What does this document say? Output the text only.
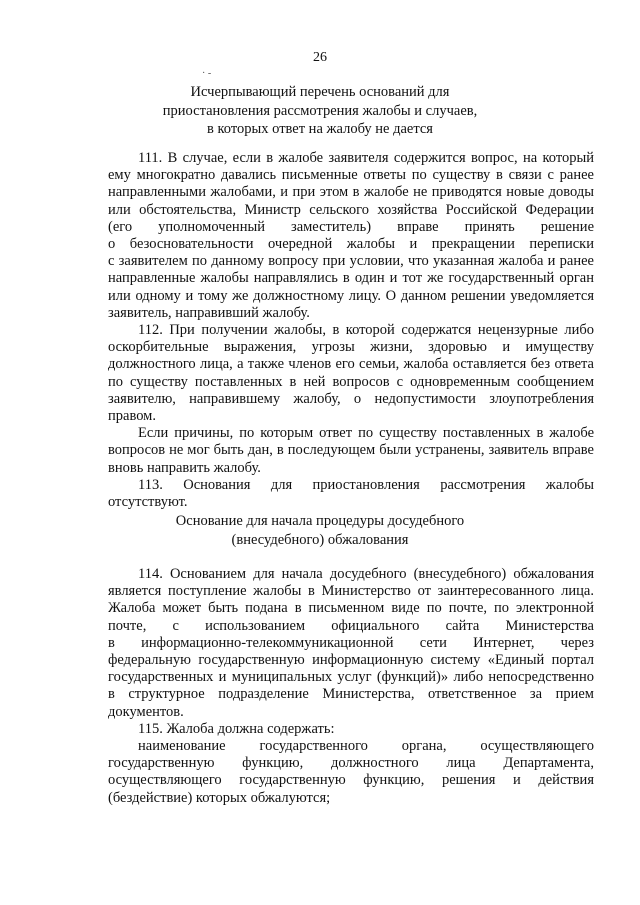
26
· -
Исчерпывающий перечень оснований для
приостановления рассмотрения жалобы и случаев,
в которых ответ на жалобу не дается
111. В случае, если в жалобе заявителя содержится вопрос, на который
ему многократно давались письменные ответы по существу в связи с ранее
направленными жалобами, и при этом в жалобе не приводятся новые доводы
или обстоятельства, Министр сельского хозяйства Российской Федерации
(его уполномоченный заместитель) вправе принять решение
о безосновательности очередной жалобы и прекращении переписки
с заявителем по данному вопросу при условии, что указанная жалоба и ранее
направленные жалобы направлялись в один и тот же государственный орган
или одному и тому же должностному лицу. О данном решении уведомляется
заявитель, направивший жалобу.
112. При получении жалобы, в которой содержатся нецензурные либо
оскорбительные выражения, угрозы жизни, здоровью и имуществу
должностного лица, а также членов его семьи, жалоба оставляется без ответа
по существу поставленных в ней вопросов с одновременным сообщением
заявителю, направившему жалобу, о недопустимости злоупотребления
правом.
Если причины, по которым ответ по существу поставленных в жалобе
вопросов не мог быть дан, в последующем были устранены, заявитель вправе
вновь направить жалобу.
113. Основания для приостановления рассмотрения жалобы
отсутствуют.
Основание для начала процедуры досудебного
(внесудебного) обжалования
114. Основанием для начала досудебного (внесудебного) обжалования
является поступление жалобы в Министерство от заинтересованного лица.
Жалоба может быть подана в письменном виде по почте, по электронной
почте, с использованием официального сайта Министерства
в информационно-телекоммуникационной сети Интернет, через
федеральную государственную информационную систему «Единый портал
государственных и муниципальных услуг (функций)» либо непосредственно
в структурное подразделение Министерства, ответственное за прием
документов.
115. Жалоба должна содержать:
наименование государственного органа, осуществляющего
государственную функцию, должностного лица Департамента,
осуществляющего государственную функцию, решения и действия
(бездействие) которых обжалуются;
